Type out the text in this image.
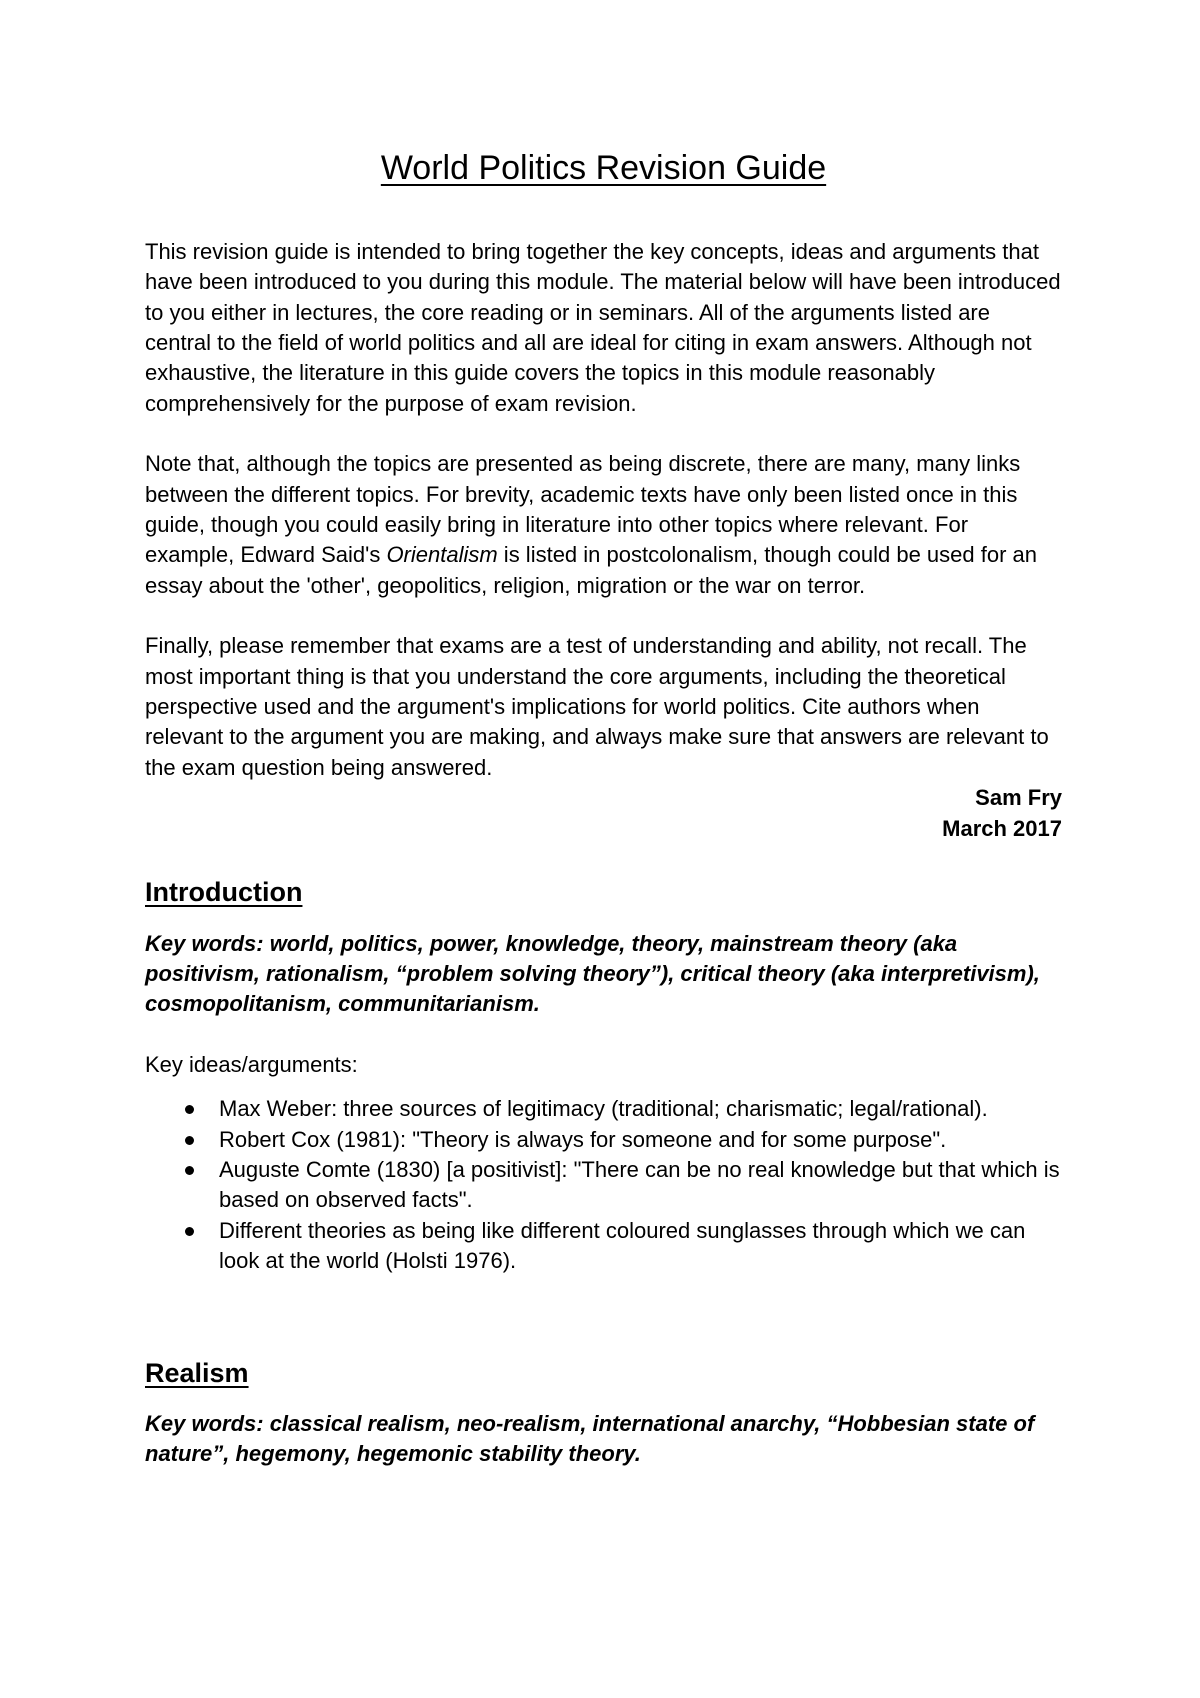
World Politics Revision Guide

This revision guide is intended to bring together the key concepts, ideas and arguments that have been introduced to you during this module. The material below will have been introduced to you either in lectures, the core reading or in seminars. All of the arguments listed are central to the field of world politics and all are ideal for citing in exam answers. Although not exhaustive, the literature in this guide covers the topics in this module reasonably comprehensively for the purpose of exam revision.

Note that, although the topics are presented as being discrete, there are many, many links between the different topics. For brevity, academic texts have only been listed once in this guide, though you could easily bring in literature into other topics where relevant. For example, Edward Said's Orientalism is listed in postcolonalism, though could be used for an essay about the 'other', geopolitics, religion, migration or the war on terror.

Finally, please remember that exams are a test of understanding and ability, not recall. The most important thing is that you understand the core arguments, including the theoretical perspective used and the argument's implications for world politics. Cite authors when relevant to the argument you are making, and always make sure that answers are relevant to the exam question being answered.

Sam Fry

March 2017

Introduction

Key words: world, politics, power, knowledge, theory, mainstream theory (aka positivism, rationalism, “problem solving theory”), critical theory (aka interpretivism), cosmopolitanism, communitarianism.

Key ideas/arguments:

Max Weber: three sources of legitimacy (traditional; charismatic; legal/rational).
Robert Cox (1981): "Theory is always for someone and for some purpose".
Auguste Comte (1830) [a positivist]: "There can be no real knowledge but that which is based on observed facts".
Different theories as being like different coloured sunglasses through which we can look at the world (Holsti 1976).
Realism

Key words: classical realism, neo-realism, international anarchy, “Hobbesian state of nature”, hegemony, hegemonic stability theory.
